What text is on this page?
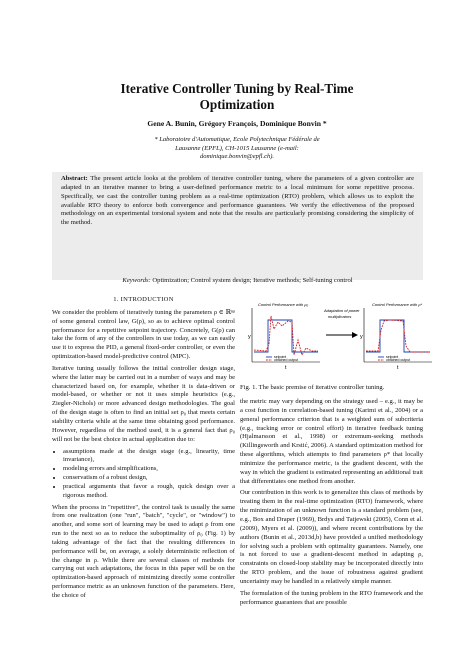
Iterative Controller Tuning by Real-Time
Optimization
Gene A. Bunin, Grégory François, Dominique Bonvin *
* Laboratoire d'Automatique, Ecole Polytechnique Fédérale de
Lausanne (EPFL), CH-1015 Lausanne (e-mail:
dominique.bonvin@epfl.ch).
Abstract: The present article looks at the problem of iterative controller tuning, where the parameters of a given controller are adapted in an iterative manner to bring a user-defined performance metric to a local minimum for some repetitive process. Specifically, we cast the controller tuning problem as a real-time optimization (RTO) problem, which allows us to exploit the available RTO theory to enforce both convergence and performance guarantees. We verify the effectiveness of the proposed methodology on an experimental torsional system and note that the results are particularly promising considering the simplicity of the method.
Keywords: Optimization; Control system design; Iterative methods; Self-tuning control
1. INTRODUCTION

We consider the problem of iteratively tuning the parameters ρ ∈ ℝⁿᵖ of some general control law, G(ρ), so as to achieve optimal control performance for a repetitive setpoint trajectory. Concretely, G(ρ) can take the form of any of the controllers in use today, as we can easily use it to express the PID, a general fixed-order controller, or even the optimization-based model-predictive control (MPC).

Iterative tuning usually follows the initial controller design stage, where the latter may be carried out in a number of ways and may be characterized based on, for example, whether it is data-driven or model-based, or whether or not it uses simple heuristics (e.g., Ziegler-Nichols) or more advanced design methodologies. The goal of the design stage is often to find an initial set ρ₀ that meets certain stability criteria while at the same time obtaining good performance. However, regardless of the method used, it is a general fact that ρ₀ will not be the best choice in actual application due to:

• assumptions made at the design stage (e.g., linearity, time invariance),
• modeling errors and simplifications,
• conservatism of a robust design,
• practical arguments that favor a rough, quick design over a rigorous method.

When the process in "repetitive", the control task is usually the same from one realization (one "run", "batch", "cycle", or "window") to another, and some sort of learning may be used to adapt ρ from one run to the next so as to reduce the suboptimality of ρ₀ (Fig. 1) by taking advantage of the fact that the resulting differences in performance will be, on average, a solely deterministic reflection of the change in ρ. While there are several classes of methods for carrying out such adaptations, the focus in this paper will be on the optimization-based approach of minimizing directly some controller performance metric as an unknown function of the parameters. Here, the choice of

y
t
Control Performance with ρ₀
setpoint
obtained output
Adaptation of power
multiplicators
y
t
Control Performance with ρ*
setpoint
obtained output
Fig. 1. The basic premise of iterative controller tuning.

the metric may vary depending on the strategy used – e.g., it may be a cost function in correlation-based tuning (Karimi et al., 2004) or a general performance criterion that is a weighted sum of subcriteria (e.g., tracking error or control effort) in iterative feedback tuning (Hjalmarsson et al., 1998) or extremum-seeking methods (Killingsworth and Krstić, 2006). A standard optimization method for these algorithms, which attempts to find parameters ρ* that locally minimize the performance metric, is the gradient descent, with the way in which the gradient is estimated representing an additional trait that differentiates one method from another.

Our contribution in this work is to generalize this class of methods by treating them in the real-time optimization (RTO) framework, where the minimization of an unknown function is a standard problem (see, e.g., Box and Draper (1969), Brdys and Tatjewski (2005), Conn et al. (2009), Myers et al. (2009)), and where recent contributions by the authors (Bunin et al., 2013d,b) have provided a unified methodology for solving such a problem with optimality guarantees. Namely, one is not forced to use a gradient-descent method in adapting ρ, constraints on closed-loop stability may be incorporated directly into the RTO problem, and the issue of robustness against gradient uncertainty may be handled in a relatively simple manner.

The formulation of the tuning problem in the RTO framework and the performance guarantees that are possible
